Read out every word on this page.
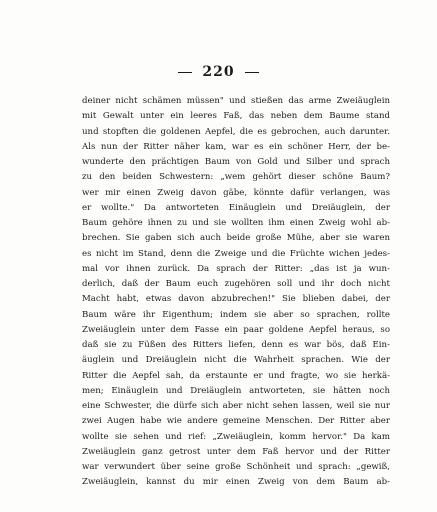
220
deiner nicht schämen müssen" und stießen das arme Zweiäuglein
mit Gewalt unter ein leeres Faß, das neben dem Baume stand
und stopften die goldenen Aepfel, die es gebrochen, auch darunter.
Als nun der Ritter näher kam, war es ein schöner Herr, der be-
wunderte den prächtigen Baum von Gold und Silber und sprach
zu den beiden Schwestern: „wem gehört dieser schöne Baum?
wer mir einen Zweig davon gäbe, könnte dafür verlangen, was
er wollte." Da antworteten Einäuglein und Dreiäuglein, der
Baum gehöre ihnen zu und sie wollten ihm einen Zweig wohl ab-
brechen. Sie gaben sich auch beide große Mühe, aber sie waren
es nicht im Stand, denn die Zweige und die Früchte wichen jedes-
mal vor ihnen zurück. Da sprach der Ritter: „das ist ja wun-
derlich, daß der Baum euch zugehören soll und ihr doch nicht
Macht habt, etwas davon abzubrechen!" Sie blieben dabei, der
Baum wäre ihr Eigenthum; indem sie aber so sprachen, rollte
Zweiäuglein unter dem Fasse ein paar goldene Aepfel heraus, so
daß sie zu Füßen des Ritters liefen, denn es war bös, daß Ein-
äuglein und Dreiäuglein nicht die Wahrheit sprachen. Wie der
Ritter die Aepfel sah, da erstaunte er und fragte, wo sie herkä-
men; Einäuglein und Dreiäuglein antworteten, sie hätten noch
eine Schwester, die dürfe sich aber nicht sehen lassen, weil sie nur
zwei Augen habe wie andere gemeine Menschen. Der Ritter aber
wollte sie sehen und rief: „Zweiäuglein, komm hervor." Da kam
Zweiäuglein ganz getrost unter dem Faß hervor und der Ritter
war verwundert über seine große Schönheit und sprach: „gewiß,
Zweiäuglein, kannst du mir einen Zweig von dem Baum ab-
